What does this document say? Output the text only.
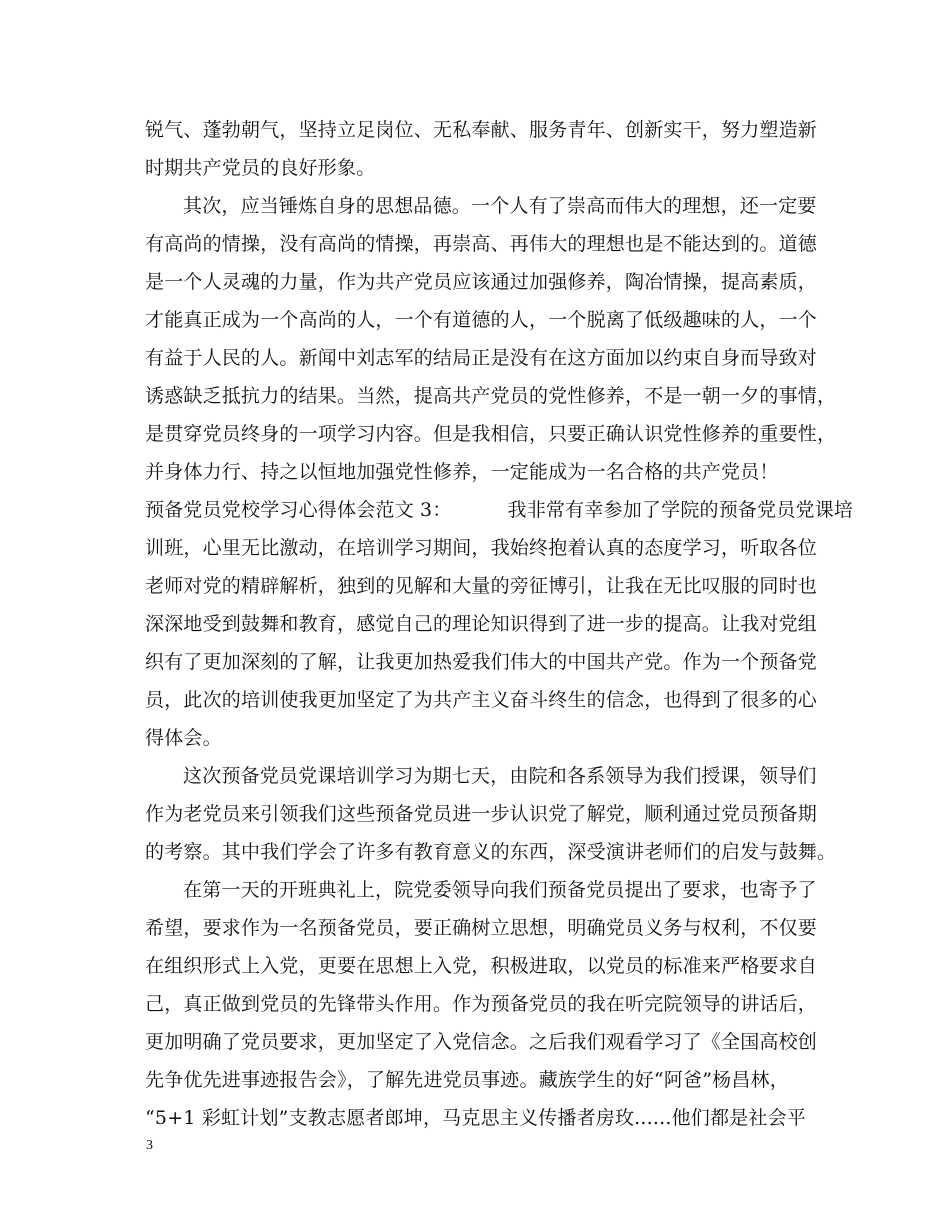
锐气、蓬勃朝气，坚持立足岗位、无私奉献、服务青年、创新实干，努力塑造新
时期共产党员的良好形象。
其次，应当锤炼自身的思想品德。一个人有了崇高而伟大的理想，还一定要
有高尚的情操，没有高尚的情操，再崇高、再伟大的理想也是不能达到的。道德
是一个人灵魂的力量，作为共产党员应该通过加强修养，陶冶情操，提高素质，
才能真正成为一个高尚的人，一个有道德的人，一个脱离了低级趣味的人，一个
有益于人民的人。新闻中刘志军的结局正是没有在这方面加以约束自身而导致对
诱惑缺乏抵抗力的结果。当然，提高共产党员的党性修养，不是一朝一夕的事情，
是贯穿党员终身的一项学习内容。但是我相信，只要正确认识党性修养的重要性，
并身体力行、持之以恒地加强党性修养，一定能成为一名合格的共产党员！
预备党员党校学习心得体会范文 3：	我非常有幸参加了学院的预备党员党课培
训班，心里无比激动，在培训学习期间，我始终抱着认真的态度学习，听取各位
老师对党的精辟解析，独到的见解和大量的旁征博引，让我在无比叹服的同时也
深深地受到鼓舞和教育，感觉自己的理论知识得到了进一步的提高。让我对党组
织有了更加深刻的了解，让我更加热爱我们伟大的中国共产党。作为一个预备党
员，此次的培训使我更加坚定了为共产主义奋斗终生的信念，也得到了很多的心
得体会。
这次预备党员党课培训学习为期七天，由院和各系领导为我们授课，领导们
作为老党员来引领我们这些预备党员进一步认识党了解党，顺利通过党员预备期
的考察。其中我们学会了许多有教育意义的东西，深受演讲老师们的启发与鼓舞。
在第一天的开班典礼上，院党委领导向我们预备党员提出了要求，也寄予了
希望，要求作为一名预备党员，要正确树立思想，明确党员义务与权利，不仅要
在组织形式上入党，更要在思想上入党，积极进取，以党员的标准来严格要求自
己，真正做到党员的先锋带头作用。作为预备党员的我在听完院领导的讲话后，
更加明确了党员要求，更加坚定了入党信念。之后我们观看学习了《全国高校创
先争优先进事迹报告会》，了解先进党员事迹。藏族学生的好“阿爸”杨昌林，
“5+1 彩虹计划”支教志愿者郎坤，马克思主义传播者房玫......他们都是社会平
3
